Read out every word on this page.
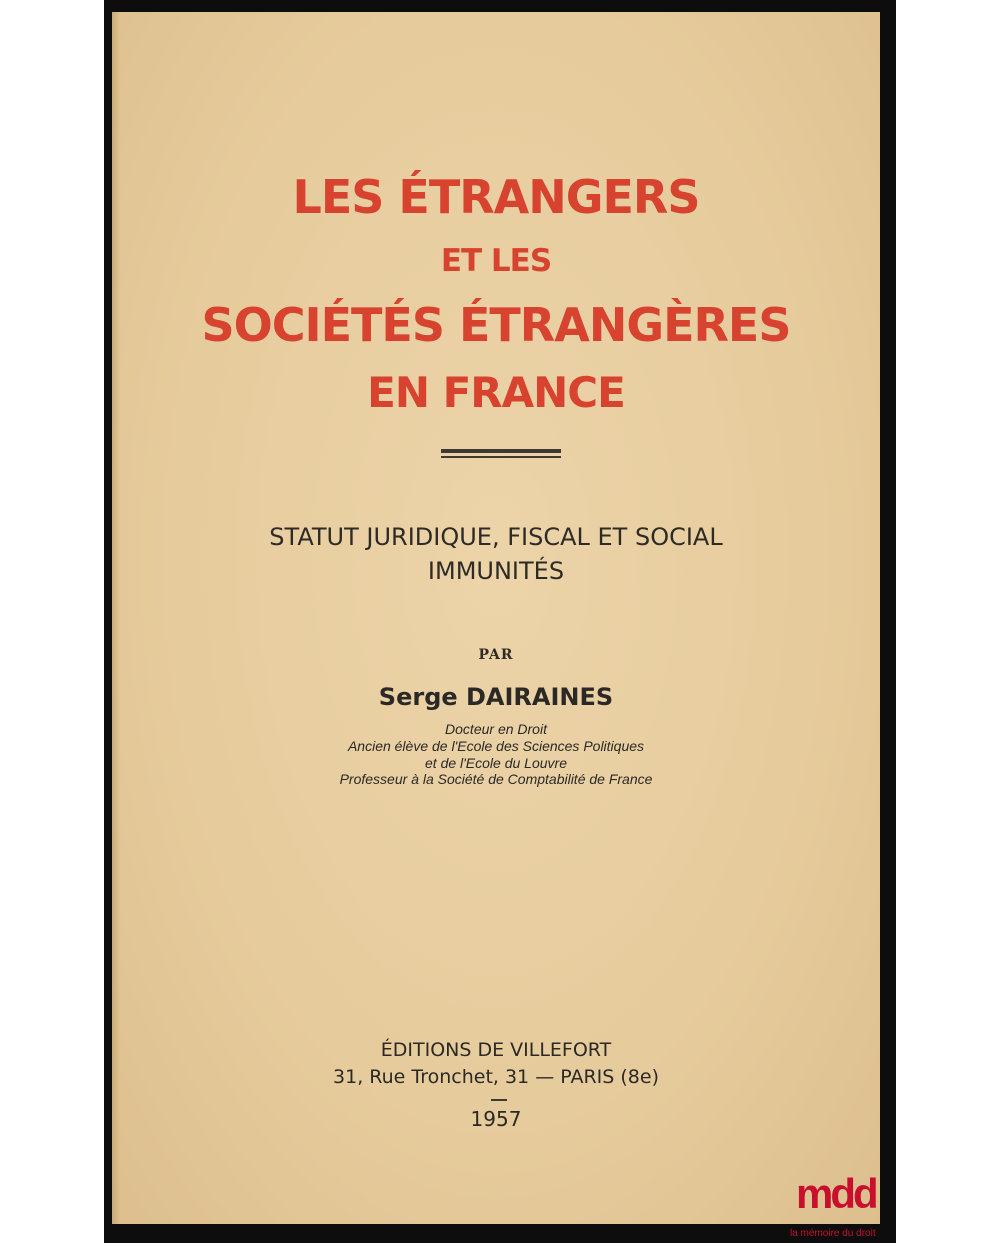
LES ÉTRANGERS
ET LES
SOCIÉTÉS ÉTRANGÈRES
EN FRANCE

STATUT JURIDIQUE, FISCAL ET SOCIAL

IMMUNITÉS

PAR

Serge DAIRAINES

Docteur en Droit

Ancien élève de l'Ecole des Sciences Politiques

et de l'Ecole du Louvre

Professeur à la Société de Comptabilité de France

ÉDITIONS DE VILLEFORT

31, Rue Tronchet, 31 — PARIS (8e)

1957

mdd
la mémoire du droit
